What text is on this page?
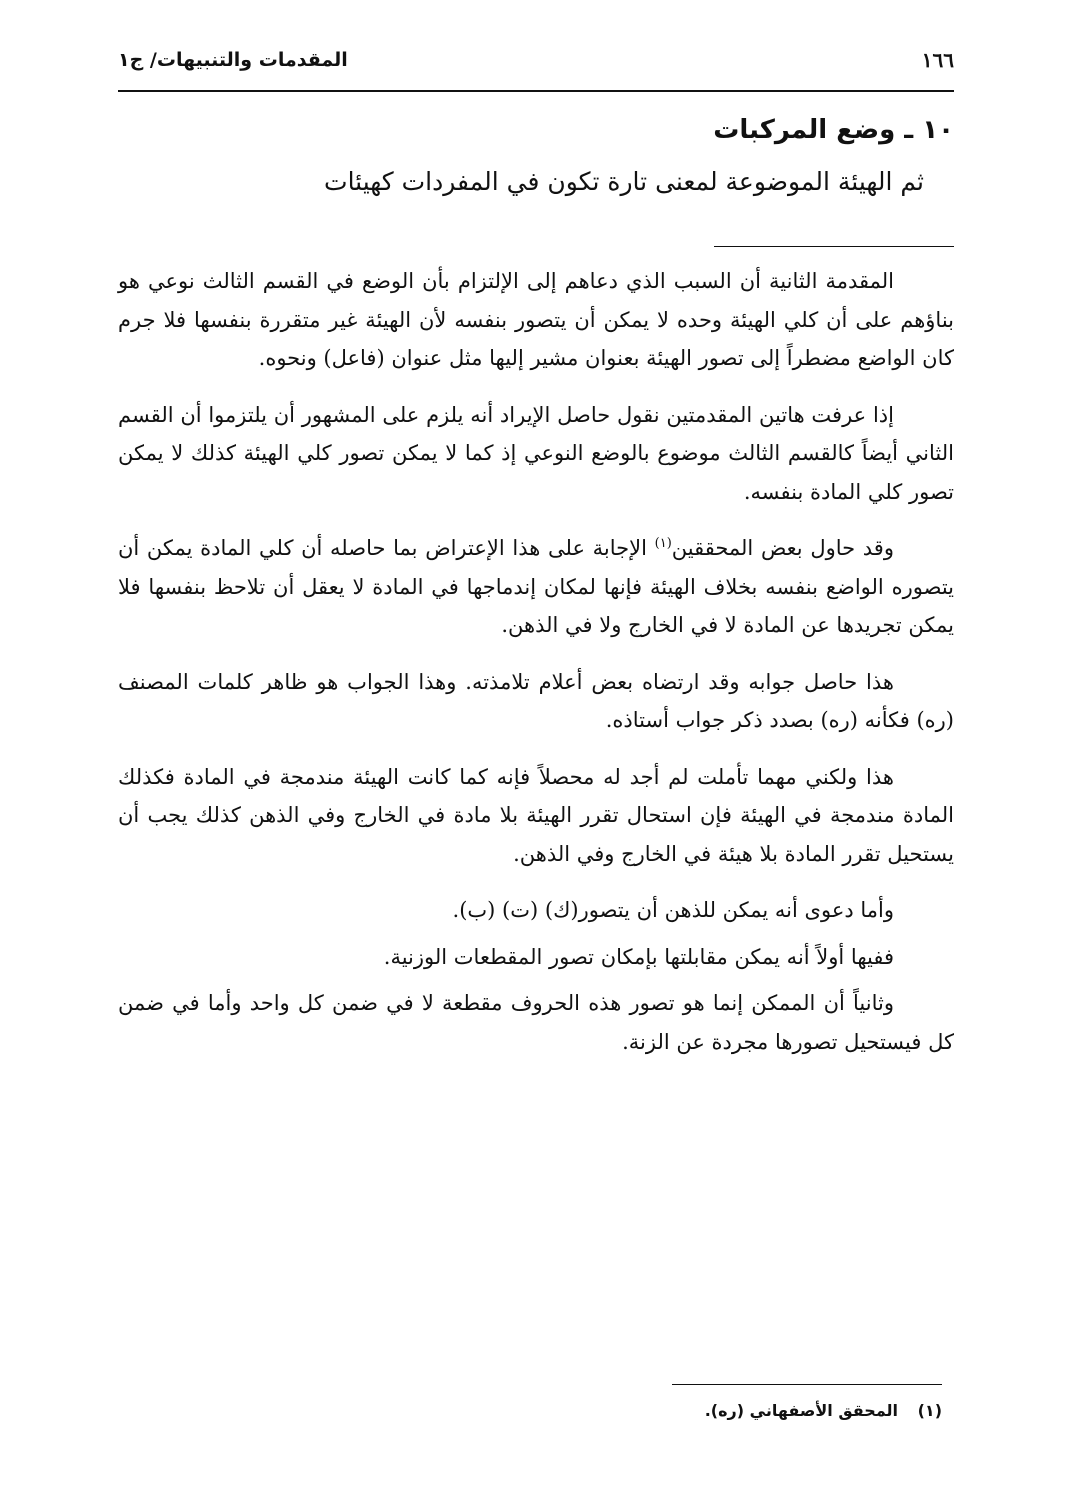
١٦٦
المقدمات والتنبيهات/ ج١
١٠ ـ وضع المركبات

ثم الهيئة الموضوعة لمعنى تارة تكون في المفردات كهيئات

المقدمة الثانية أن السبب الذي دعاهم إلى الإلتزام بأن الوضع في القسم الثالث نوعي هو بناؤهم على أن كلي الهيئة وحده لا يمكن أن يتصور بنفسه لأن الهيئة غير متقررة بنفسها فلا جرم كان الواضع مضطراً إلى تصور الهيئة بعنوان مشير إليها مثل عنوان (فاعل) ونحوه.

إذا عرفت هاتين المقدمتين نقول حاصل الإيراد أنه يلزم على المشهور أن يلتزموا أن القسم الثاني أيضاً كالقسم الثالث موضوع بالوضع النوعي إذ كما لا يمكن تصور كلي الهيئة كذلك لا يمكن تصور كلي المادة بنفسه.

وقد حاول بعض المحققين$^{(١)}$ الإجابة على هذا الإعتراض بما حاصله أن كلي المادة يمكن أن يتصوره الواضع بنفسه بخلاف الهيئة فإنها لمكان إندماجها في المادة لا يعقل أن تلاحظ بنفسها فلا يمكن تجريدها عن المادة لا في الخارج ولا في الذهن.

هذا حاصل جوابه وقد ارتضاه بعض أعلام تلامذته. وهذا الجواب هو ظاهر كلمات المصنف (ره) فكأنه (ره) بصدد ذكر جواب أستاذه.

هذا ولكني مهما تأملت لم أجد له محصلاً فإنه كما كانت الهيئة مندمجة في المادة فكذلك المادة مندمجة في الهيئة فإن استحال تقرر الهيئة بلا مادة في الخارج وفي الذهن كذلك يجب أن يستحيل تقرر المادة بلا هيئة في الخارج وفي الذهن.

وأما دعوى أنه يمكن للذهن أن يتصور(ك) (ت) (ب).

ففيها أولاً أنه يمكن مقابلتها بإمكان تصور المقطعات الوزنية.

وثانياً أن الممكن إنما هو تصور هذه الحروف مقطعة لا في ضمن كل واحد وأما في ضمن كل فيستحيل تصورها مجردة عن الزنة.

(١) المحقق الأصفهاني (ره).
